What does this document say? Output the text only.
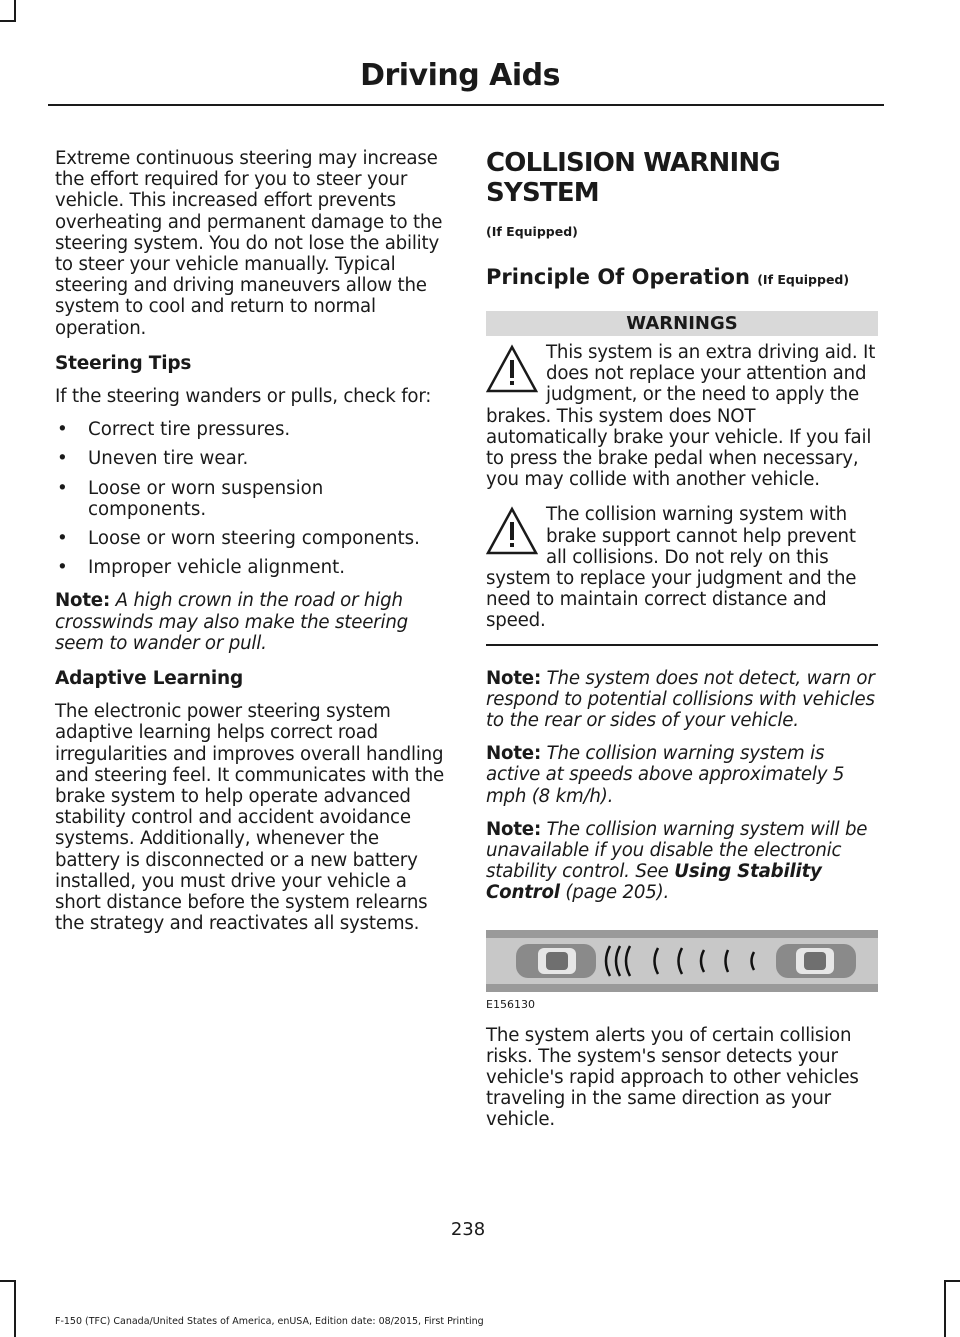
Driving Aids

Extreme continuous steering may increase the effort required for you to steer your vehicle. This increased effort prevents overheating and permanent damage to the steering system. You do not lose the ability to steer your vehicle manually. Typical steering and driving maneuvers allow the system to cool and return to normal operation.

Steering Tips

If the steering wanders or pulls, check for:

• Correct tire pressures.
• Uneven tire wear.
• Loose or worn suspension components.
• Loose or worn steering components.
• Improper vehicle alignment.

Note: A high crown in the road or high crosswinds may also make the steering seem to wander or pull.

Adaptive Learning

The electronic power steering system adaptive learning helps correct road irregularities and improves overall handling and steering feel. It communicates with the brake system to help operate advanced stability control and accident avoidance systems. Additionally, whenever the battery is disconnected or a new battery installed, you must drive your vehicle a short distance before the system relearns the strategy and reactivates all systems.

COLLISION WARNING SYSTEM
(If Equipped)
Principle Of Operation (If Equipped)
WARNINGS

This system is an extra driving aid. It does not replace your attention and judgment, or the need to apply the brakes. This system does NOT automatically brake your vehicle. If you fail to press the brake pedal when necessary, you may collide with another vehicle.

The collision warning system with brake support cannot help prevent all collisions. Do not rely on this system to replace your judgment and the need to maintain correct distance and speed.

Note: The system does not detect, warn or respond to potential collisions with vehicles to the rear or sides of your vehicle.

Note: The collision warning system is active at speeds above approximately 5 mph (8 km/h).

Note: The collision warning system will be unavailable if you disable the electronic stability control. See Using Stability Control (page 205).

E156130

The system alerts you of certain collision risks. The system's sensor detects your vehicle's rapid approach to other vehicles traveling in the same direction as your vehicle.

238
F-150 (TFC) Canada/United States of America, enUSA, Edition date: 08/2015, First Printing
